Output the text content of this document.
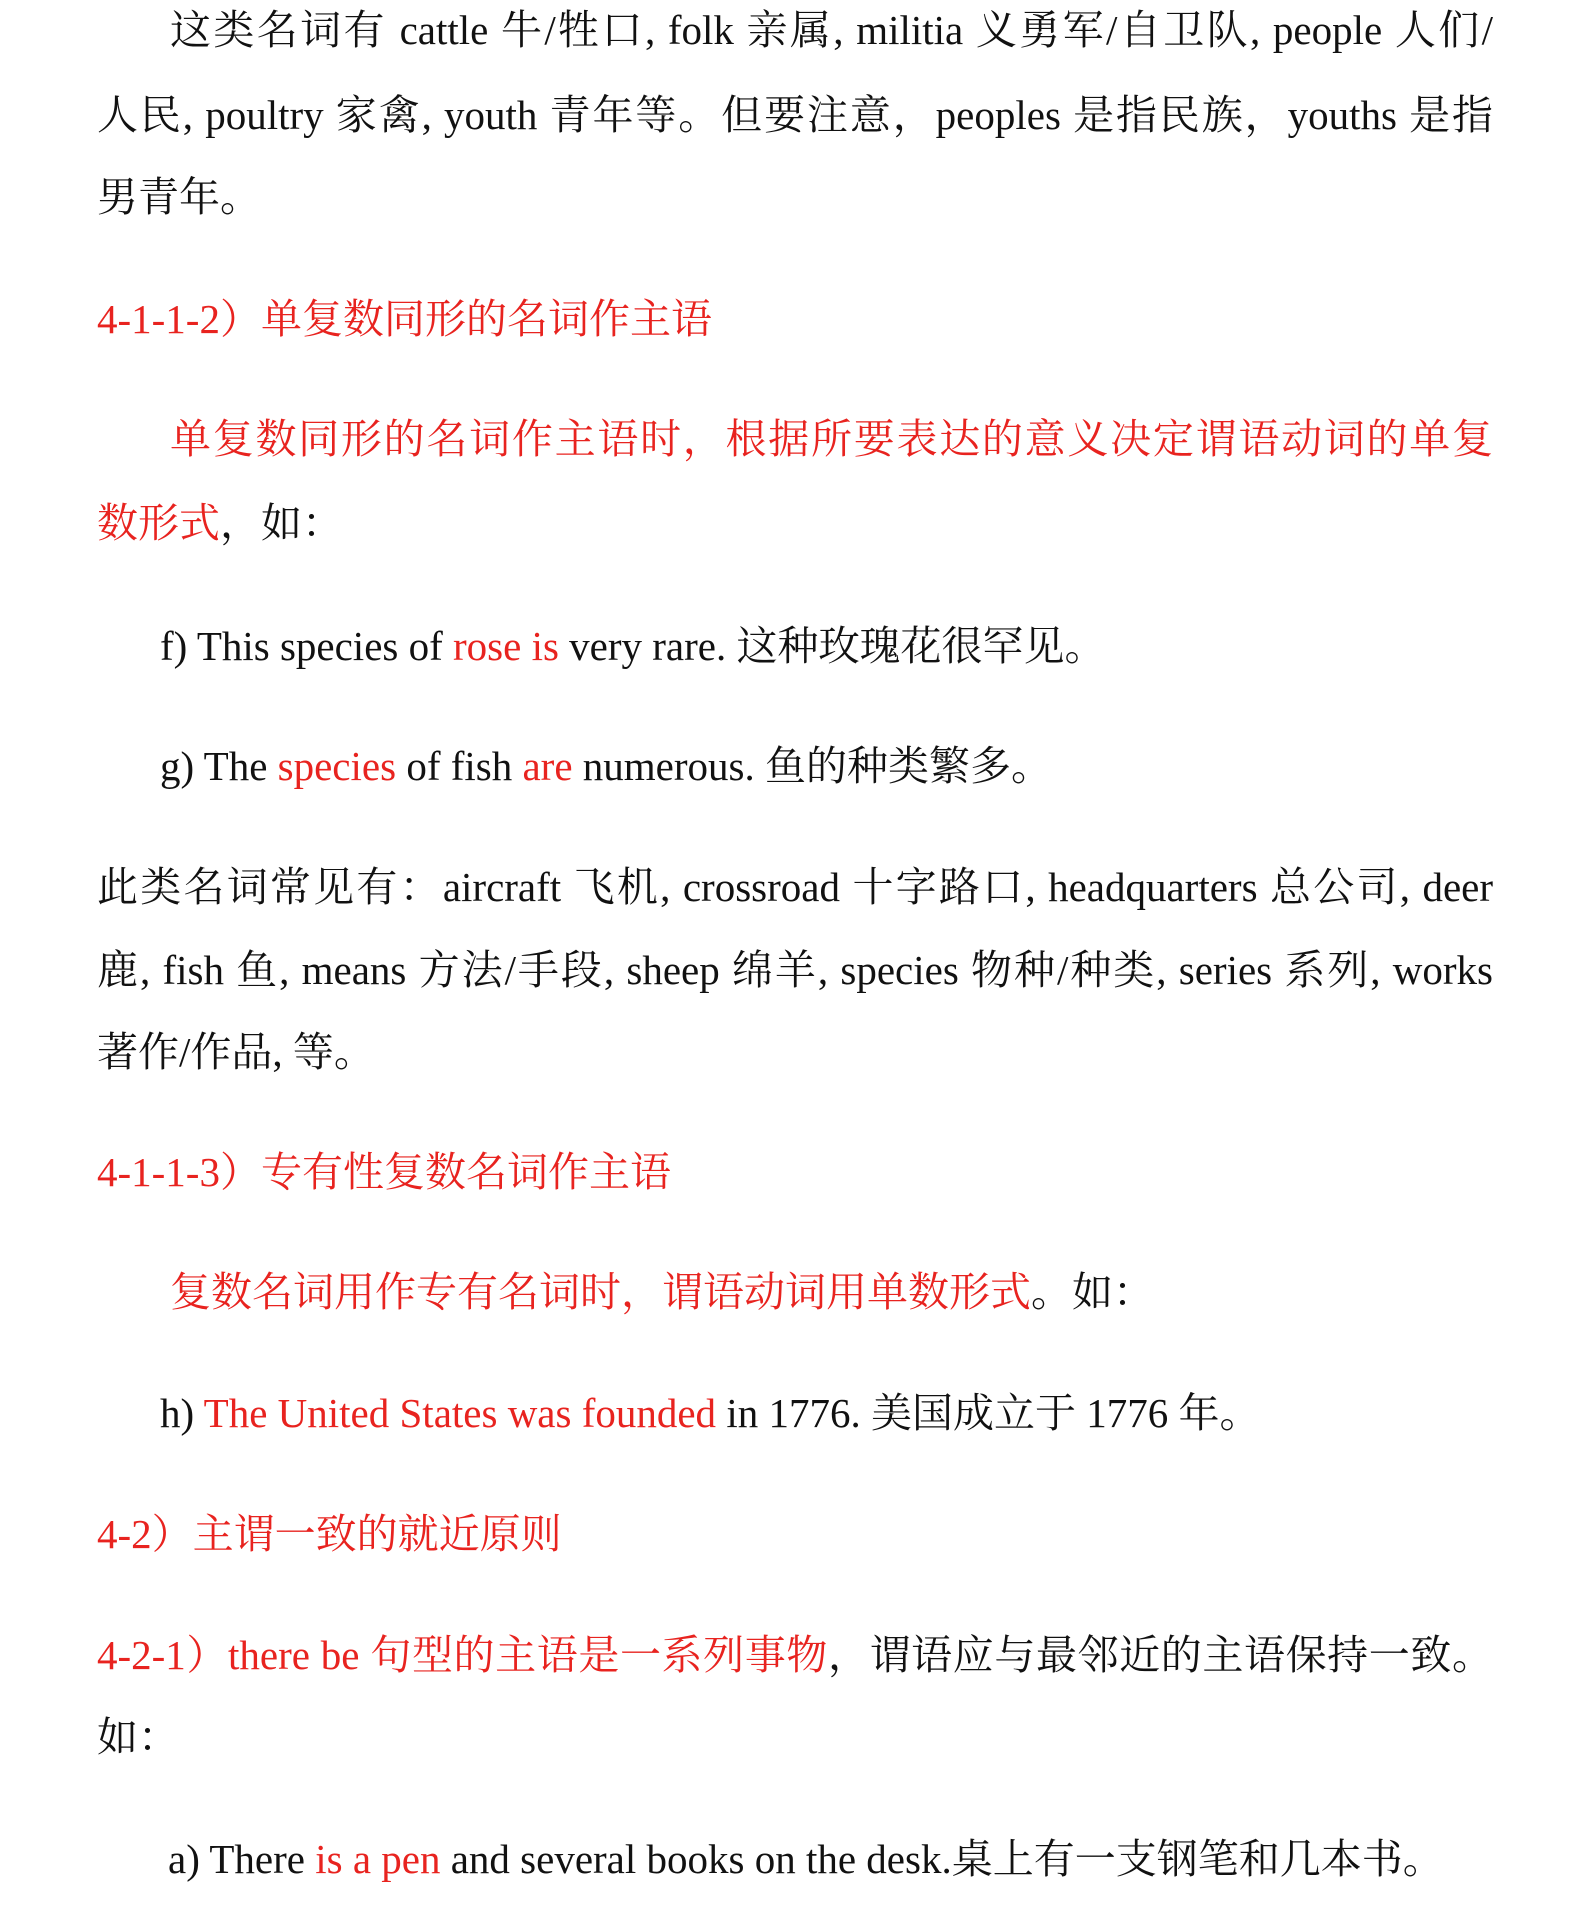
这类名词有 cattle 牛/牲口, folk 亲属, militia 义勇军/自卫队, people 人们/
人民, poultry 家禽, youth 青年等。但要注意，peoples 是指民族，youths 是指
男青年。
4-1-1-2）单复数同形的名词作主语
单复数同形的名词作主语时，根据所要表达的意义决定谓语动词的单复
数形式，如：
f) This species of rose is very rare. 这种玫瑰花很罕见。
g) The species of fish are numerous. 鱼的种类繁多。
此类名词常见有：aircraft 飞机, crossroad 十字路口, headquarters 总公司, deer
鹿, fish 鱼, means 方法/手段, sheep 绵羊, species 物种/种类, series 系列, works
著作/作品, 等。
4-1-1-3）专有性复数名词作主语
复数名词用作专有名词时，谓语动词用单数形式。如：
h) The United States was founded in 1776. 美国成立于 1776 年。
4-2）主谓一致的就近原则
4-2-1）there be 句型的主语是一系列事物，谓语应与最邻近的主语保持一致。
如：
a) There is a pen and several books on the desk.桌上有一支钢笔和几本书。
